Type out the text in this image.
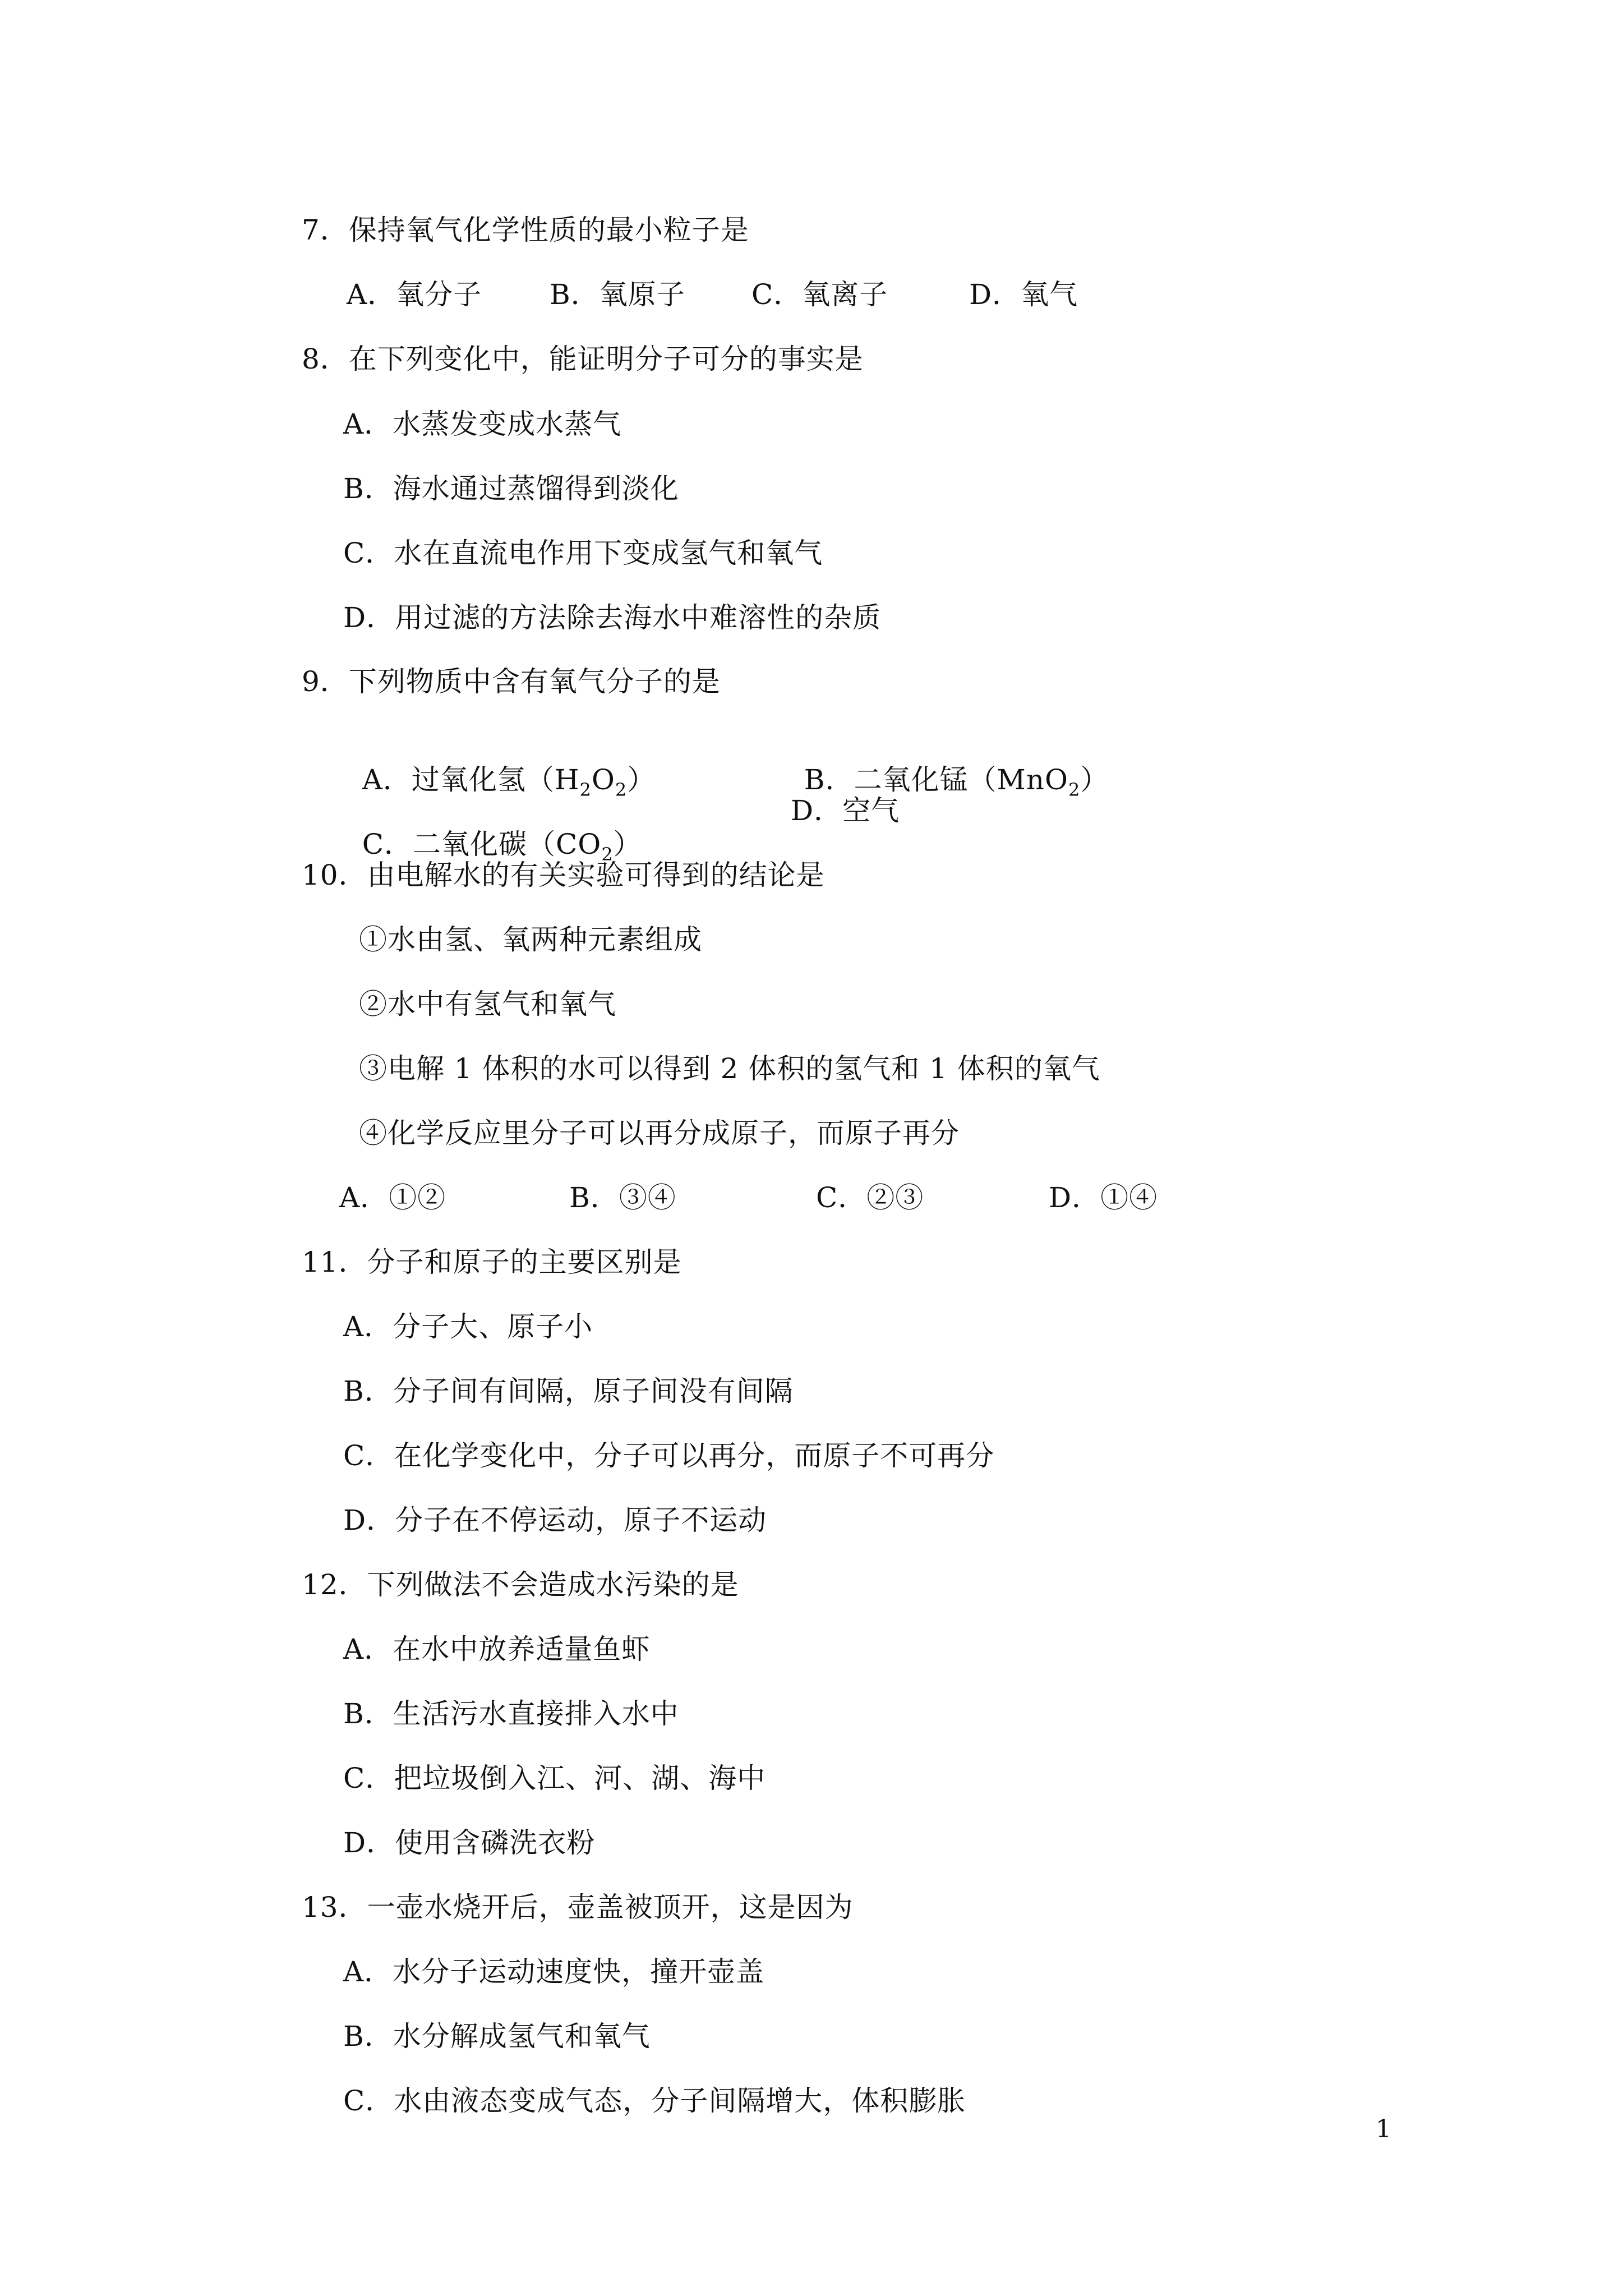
7．保持氧气化学性质的最小粒子是
A．氧分子 B．氧原子 C．氧离子	D．氧气
8．在下列变化中，能证明分子可分的事实是
A．水蒸发变成水蒸气
B．海水通过蒸馏得到淡化
C．水在直流电作用下变成氢气和氧气
D．用过滤的方法除去海水中难溶性的杂质
9．下列物质中含有氧气分子的是

A．过氧化氢$(H_2O_2)$	B．二氧化锰（MnO$_2$）

C．二氧化碳$(CO_2)$

D．空气
10．由电解水的有关实验可得到的结论是
①水由氢、氧两种元素组成
②水中有氢气和氧气
③电解 1 体积的水可以得到 2 体积的氢气和 1 体积的氧气
④化学反应里分子可以再分成原子，而原子再分
A．①②	B．③④	C．②③	D．①④
11．分子和原子的主要区别是
A．分子大、原子小
B．分子间有间隔，原子间没有间隔
C．在化学变化中，分子可以再分，而原子不可再分
D．分子在不停运动，原子不运动
12．下列做法不会造成水污染的是
A．在水中放养适量鱼虾
B．生活污水直接排入水中
C．把垃圾倒入江、河、湖、海中
D．使用含磷洗衣粉
13．一壶水烧开后，壶盖被顶开，这是因为
A．水分子运动速度快，撞开壶盖
B．水分解成氢气和氧气
C．水由液态变成气态，分子间隔增大，体积膨胀
1
